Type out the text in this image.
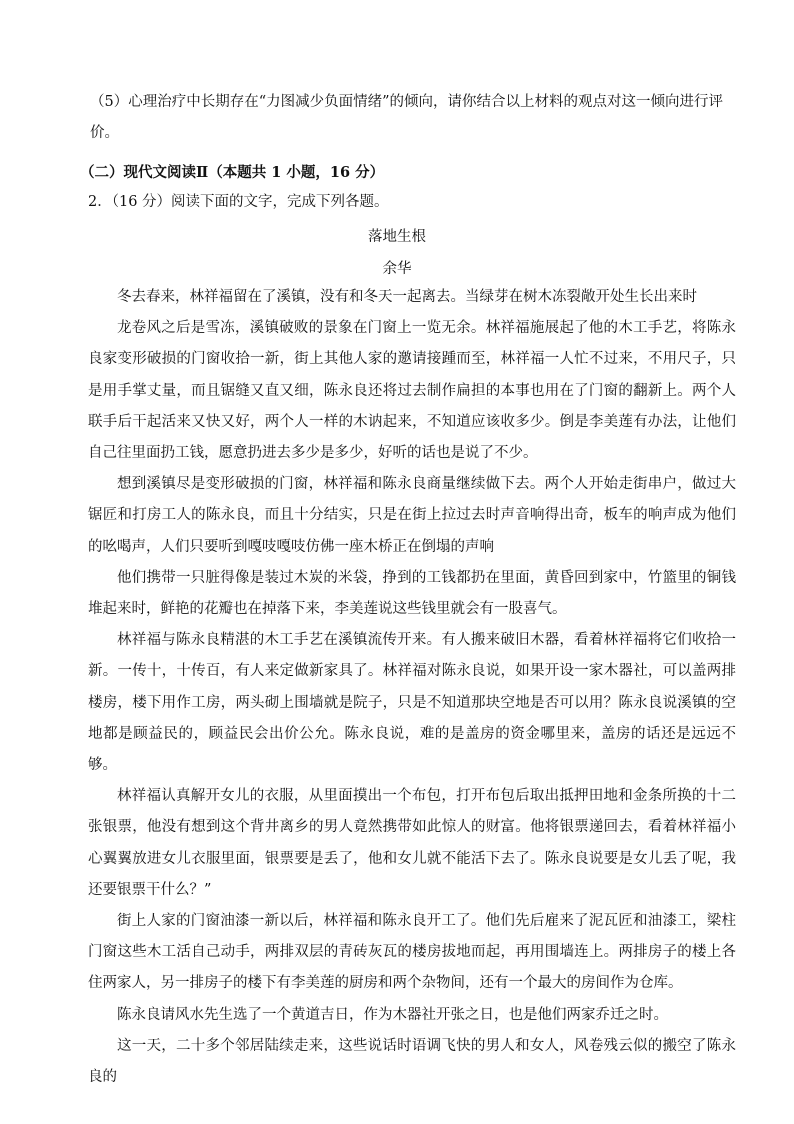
（5）心理治疗中长期存在“力图减少负面情绪”的倾向，请你结合以上材料的观点对这一倾向进行评
价。
（二）现代文阅读Ⅱ（本题共 1 小题，16 分）
2．（16 分）阅读下面的文字，完成下列各题。
落地生根
余华

冬去春来，林祥福留在了溪镇，没有和冬天一起离去。当绿芽在树木冻裂敞开处生长出来时

龙卷风之后是雪冻，溪镇破败的景象在门窗上一览无余。林祥福施展起了他的木工手艺，将陈永良家变形破损的门窗收拾一新，街上其他人家的邀请接踵而至，林祥福一人忙不过来，不用尺子，只是用手掌丈量，而且锯缝又直又细，陈永良还将过去制作扁担的本事也用在了门窗的翻新上。两个人联手后干起活来又快又好，两个人一样的木讷起来，不知道应该收多少。倒是李美莲有办法，让他们自己往里面扔工钱，愿意扔进去多少是多少，好听的话也是说了不少。

想到溪镇尽是变形破损的门窗，林祥福和陈永良商量继续做下去。两个人开始走街串户，做过大锯匠和打房工人的陈永良，而且十分结实，只是在街上拉过去时声音响得出奇，板车的响声成为他们的吆喝声，人们只要听到嘎吱嘎吱仿佛一座木桥正在倒塌的声响

他们携带一只脏得像是装过木炭的米袋，挣到的工钱都扔在里面，黄昏回到家中，竹篮里的铜钱堆起来时，鲜艳的花瓣也在掉落下来，李美莲说这些钱里就会有一股喜气。

林祥福与陈永良精湛的木工手艺在溪镇流传开来。有人搬来破旧木器，看着林祥福将它们收拾一新。一传十，十传百，有人来定做新家具了。林祥福对陈永良说，如果开设一家木器社，可以盖两排楼房，楼下用作工房，两头砌上围墙就是院子，只是不知道那块空地是否可以用？陈永良说溪镇的空地都是顾益民的，顾益民会出价公允。陈永良说，难的是盖房的资金哪里来，盖房的话还是远远不够。

林祥福认真解开女儿的衣服，从里面摸出一个布包，打开布包后取出抵押田地和金条所换的十二张银票，他没有想到这个背井离乡的男人竟然携带如此惊人的财富。他将银票递回去，看着林祥福小心翼翼放进女儿衣服里面，银票要是丢了，他和女儿就不能活下去了。陈永良说要是女儿丢了呢，我还要银票干什么？”

街上人家的门窗油漆一新以后，林祥福和陈永良开工了。他们先后雇来了泥瓦匠和油漆工，梁柱门窗这些木工活自己动手，两排双层的青砖灰瓦的楼房拔地而起，再用围墙连上。两排房子的楼上各住两家人，另一排房子的楼下有李美莲的厨房和两个杂物间，还有一个最大的房间作为仓库。

陈永良请风水先生选了一个黄道吉日，作为木器社开张之日，也是他们两家乔迁之时。

这一天，二十多个邻居陆续走来，这些说话时语调飞快的男人和女人，风卷残云似的搬空了陈永良的
